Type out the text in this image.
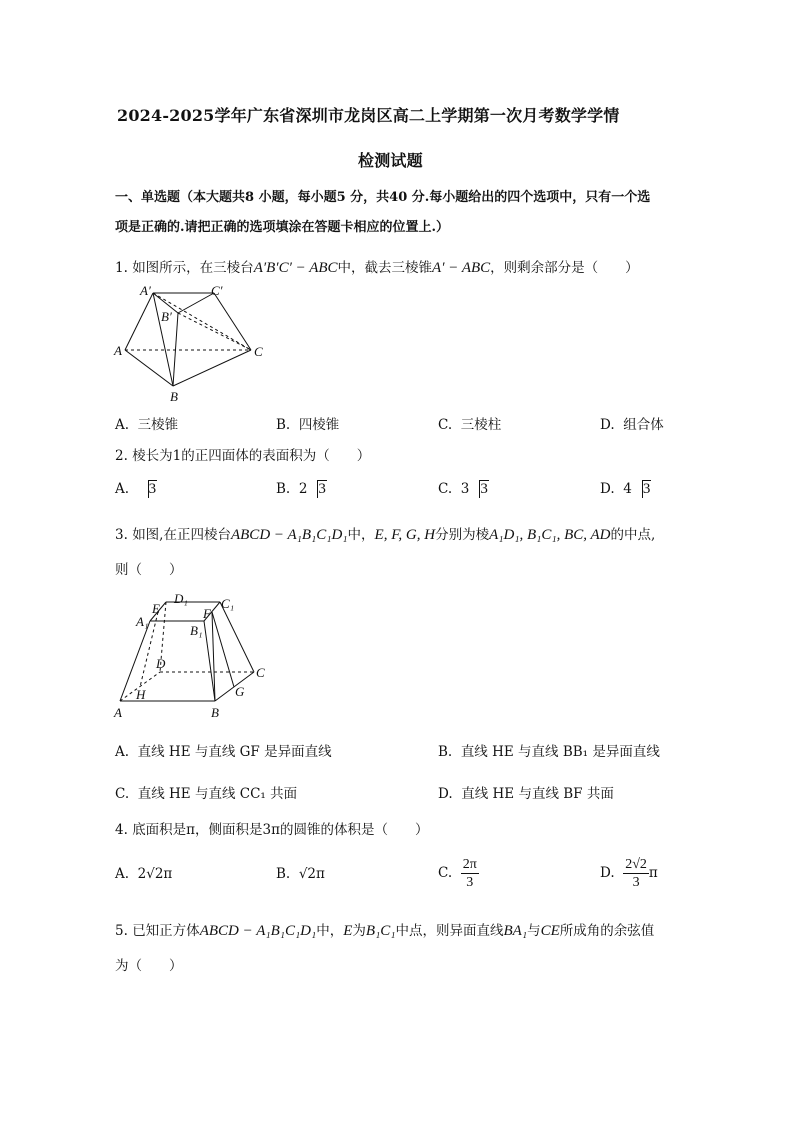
2024-2025学年广东省深圳市龙岗区高二上学期第一次月考数学学情
检测试题
一、单选题（本大题共8 小题，每小题5 分，共40 分.每小题给出的四个选项中，只有一个选
项是正确的.请把正确的选项填涂在答题卡相应的位置上.）
1. 如图所示，在三棱台A′B′C′ − ABC中，截去三棱锥A′ − ABC，则剩余部分是（　　）
A′	C′
B′
A	C
B
A. 三棱锥	B. 四棱锥	C. 三棱柱	D. 组合体
2. 棱长为1的正四面体的表面积为（　　）
A. 3	B. 2 3	C. 3 3	D. 4 3
3. 如图,在正四棱台ABCD − A₁B₁C₁D₁中，E, F, G, H分别为棱A₁D₁, B₁C₁, BC, AD的中点,
则（　　）
E
D₁
F
C₁
A₁
B₁
D
C
H	G
A	B
A. 直线 HE 与直线 GF 是异面直线	B. 直线 HE 与直线 BB₁ 是异面直线
C. 直线 HE 与直线 CC₁ 共面	D. 直线 HE 与直线 BF 共面
4. 底面积是π，侧面积是3π的圆锥的体积是（　　）
A. 2√2π	B. √2π	C. $\frac{2\pi}{3}$	D. $\frac{2√2}{3}$ π
5. 已知正方体ABCD − A₁B₁C₁D₁中，E为B₁C₁中点，则异面直线BA₁与CE所成角的余弦值
为（　　）
